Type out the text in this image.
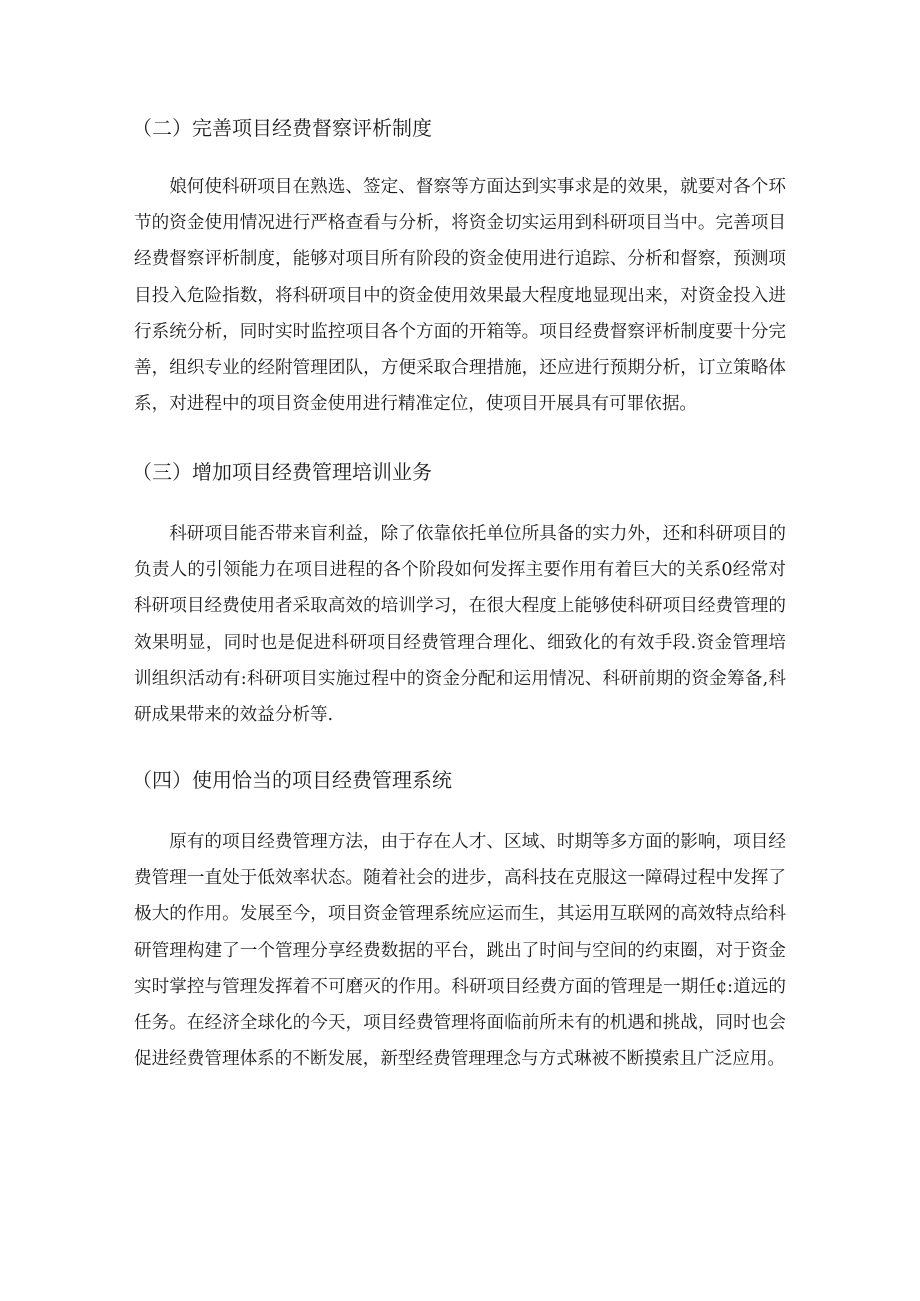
（二）完善项目经费督察评析制度

娘何使科研项目在熟选、签定、督察等方面达到实事求是的效果，就要对各个环节的资金使用情况进行严格查看与分析，将资金切实运用到科研项目当中。完善项目经费督察评析制度，能够对项目所有阶段的资金使用进行追踪、分析和督察，预测项目投入危险指数，将科研项目中的资金使用效果最大程度地显现出来，对资金投入进行系统分析，同时实时监控项目各个方面的开箱等。项目经费督察评析制度要十分完善，组织专业的经附管理团队，方便采取合理措施，还应进行预期分析，订立策略体系，对进程中的项目资金使用进行精准定位，使项目开展具有可罪依据。

（三）增加项目经费管理培训业务

科研项目能否带来盲利益，除了依靠依托单位所具备的实力外，还和科研项目的负责人的引领能力在项目进程的各个阶段如何发挥主要作用有着巨大的关系0经常对科研项目经费使用者采取高效的培训学习，在很大程度上能够使科研项目经费管理的效果明显，同时也是促进科研项目经费管理合理化、细致化的有效手段.资金管理培训组织活动有:科研项目实施过程中的资金分配和运用情况、科研前期的资金筹备,科研成果带来的效益分析等.

（四）使用恰当的项目经费管理系统

原有的项目经费管理方法，由于存在人才、区域、时期等多方面的影响，项目经费管理一直处于低效率状态。随着社会的进步，高科技在克服这一障碍过程中发挥了极大的作用。发展至今，项目资金管理系统应运而生，其运用互联网的高效特点给科研管理构建了一个管理分享经费数据的平台，跳出了时间与空间的约束圈，对于资金实时掌控与管理发挥着不可磨灭的作用。科研项目经费方面的管理是一期任¢:道远的任务。在经济全球化的今天，项目经费管理将面临前所未有的机遇和挑战，同时也会促进经费管理体系的不断发展，新型经费管理理念与方式琳被不断摸索且广泛应用。
